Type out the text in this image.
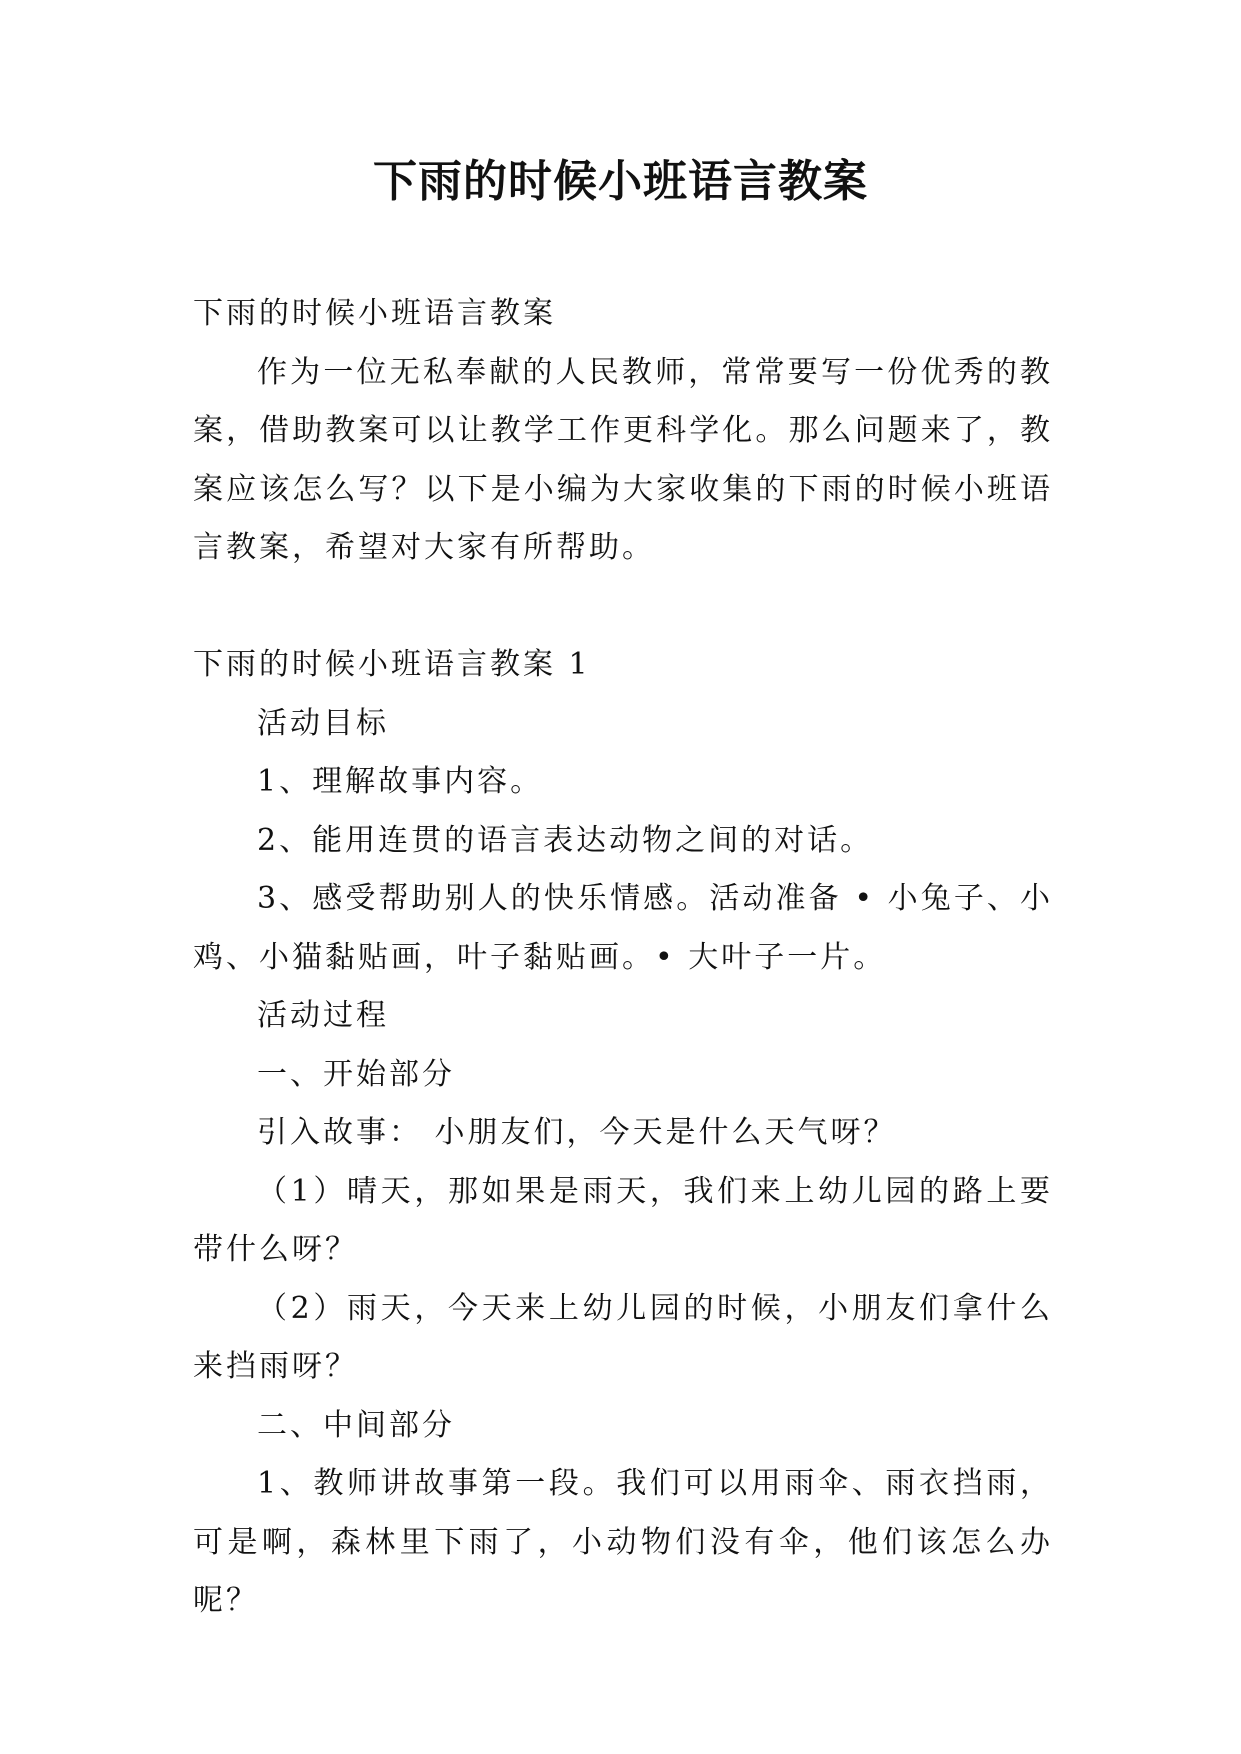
下雨的时候小班语言教案

下雨的时候小班语言教案

作为一位无私奉献的人民教师，常常要写一份优秀的教案，借助教案可以让教学工作更科学化。那么问题来了，教案应该怎么写？以下是小编为大家收集的下雨的时候小班语言教案，希望对大家有所帮助。

下雨的时候小班语言教案 1

活动目标

1、理解故事内容。

2、能用连贯的语言表达动物之间的对话。

3、感受帮助别人的快乐情感。活动准备 • 小兔子、小鸡、小猫黏贴画，叶子黏贴画。• 大叶子一片。

活动过程

一、开始部分

引入故事： 小朋友们，今天是什么天气呀？

（1）晴天，那如果是雨天，我们来上幼儿园的路上要带什么呀？

（2）雨天，今天来上幼儿园的时候，小朋友们拿什么来挡雨呀？

二、中间部分

1、教师讲故事第一段。我们可以用雨伞、雨衣挡雨，可是啊，森林里下雨了，小动物们没有伞，他们该怎么办呢？
